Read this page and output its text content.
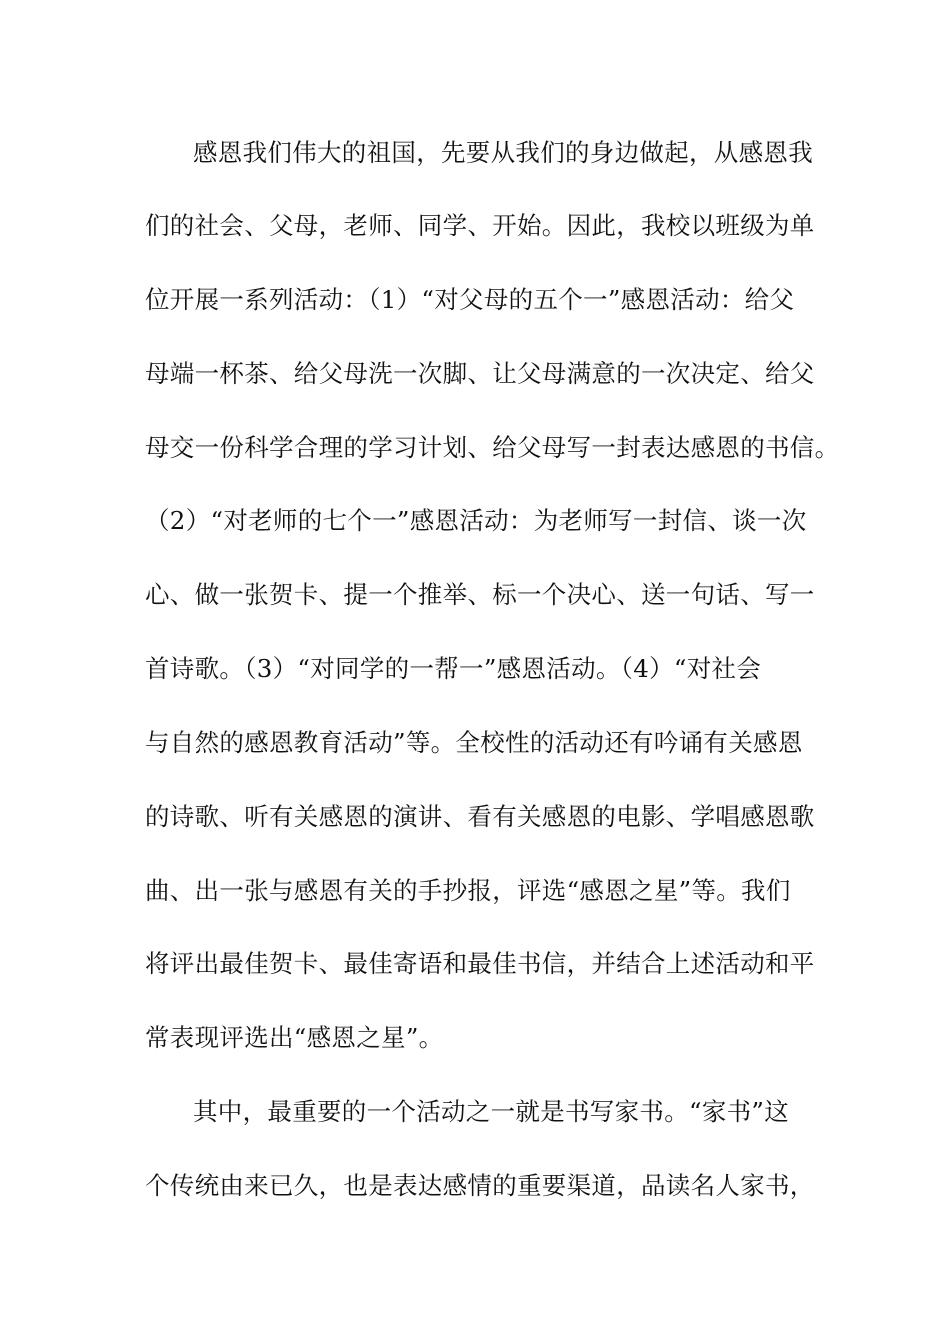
感恩我们伟大的祖国，先要从我们的身边做起，从感恩我
们的社会、父母，老师、同学、开始。因此，我校以班级为单
位开展一系列活动：（1）“对父母的五个一”感恩活动：给父
母端一杯茶、给父母洗一次脚、让父母满意的一次决定、给父
母交一份科学合理的学习计划、给父母写一封表达感恩的书信。
（2）“对老师的七个一”感恩活动：为老师写一封信、谈一次
心、做一张贺卡、提一个推举、标一个决心、送一句话、写一
首诗歌。（3）“对同学的一帮一”感恩活动。（4）“对社会
与自然的感恩教育活动”等。全校性的活动还有吟诵有关感恩
的诗歌、听有关感恩的演讲、看有关感恩的电影、学唱感恩歌
曲、出一张与感恩有关的手抄报，评选“感恩之星”等。我们
将评出最佳贺卡、最佳寄语和最佳书信，并结合上述活动和平
常表现评选出“感恩之星”。
其中，最重要的一个活动之一就是书写家书。“家书”这
个传统由来已久，也是表达感情的重要渠道，品读名人家书，
